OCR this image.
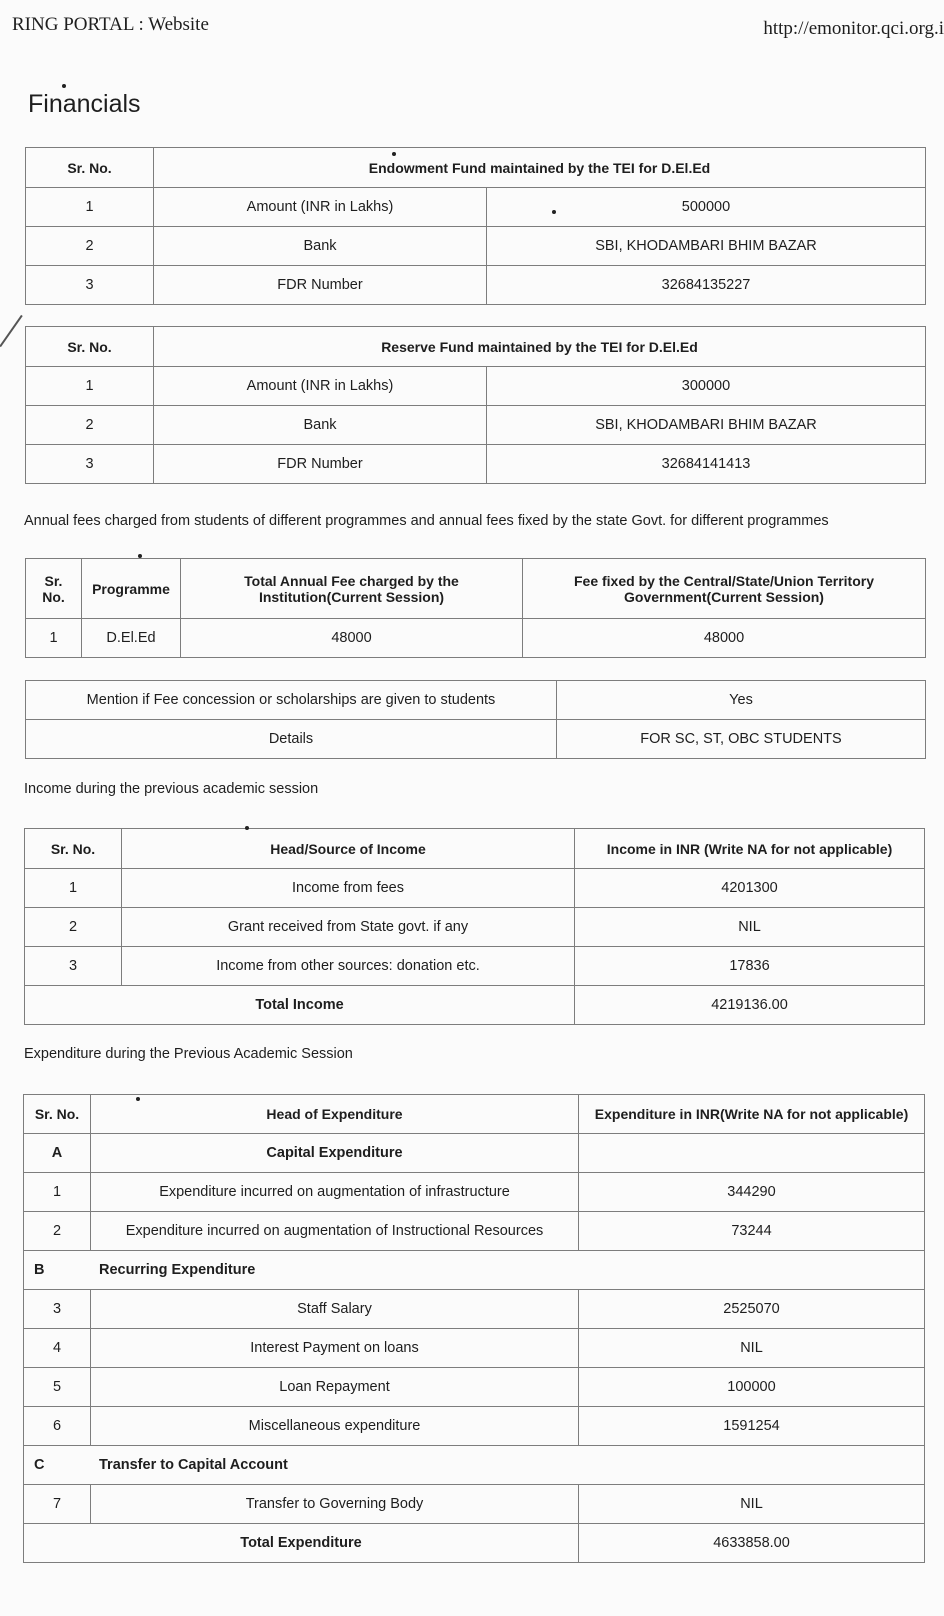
RING PORTAL : Website	http://emonitor.qci.org.i
Financials
Sr. No.	Endowment Fund maintained by the TEI for D.El.Ed	
1	Amount (INR in Lakhs)	500000
2	Bank	SBI, KHODAMBARI BHIM BAZAR
3	FDR Number	32684135227
Sr. No.	Reserve Fund maintained by the TEI for D.El.Ed	
1	Amount (INR in Lakhs)	300000
2	Bank	SBI, KHODAMBARI BHIM BAZAR
3	FDR Number	32684141413
Annual fees charged from students of different programmes and annual fees fixed by the state Govt. for different programmes
Sr. No.	Programme	Total Annual Fee charged by the Institution(Current Session)	Fee fixed by the Central/State/Union Territory Government(Current Session)
1	D.El.Ed	48000	48000
Mention if Fee concession or scholarships are given to students	Yes
Details	FOR SC, ST, OBC STUDENTS
Income during the previous academic session
Sr. No.	Head/Source of Income	Income in INR (Write NA for not applicable)
1	Income from fees	4201300
2	Grant received from State govt. if any	NIL
3	Income from other sources: donation etc.	17836
Total Income		4219136.00
Expenditure during the Previous Academic Session
Sr. No.	Head of Expenditure	Expenditure in INR(Write NA for not applicable)
A	Capital Expenditure	
1	Expenditure incurred on augmentation of infrastructure	344290
2	Expenditure incurred on augmentation of Instructional Resources	73244
B Recurring Expenditure		
3	Staff Salary	2525070
4	Interest Payment on loans	NIL
5	Loan Repayment	100000
6	Miscellaneous expenditure	1591254
C Transfer to Capital Account		
7	Transfer to Governing Body	NIL
Total Expenditure		4633858.00
